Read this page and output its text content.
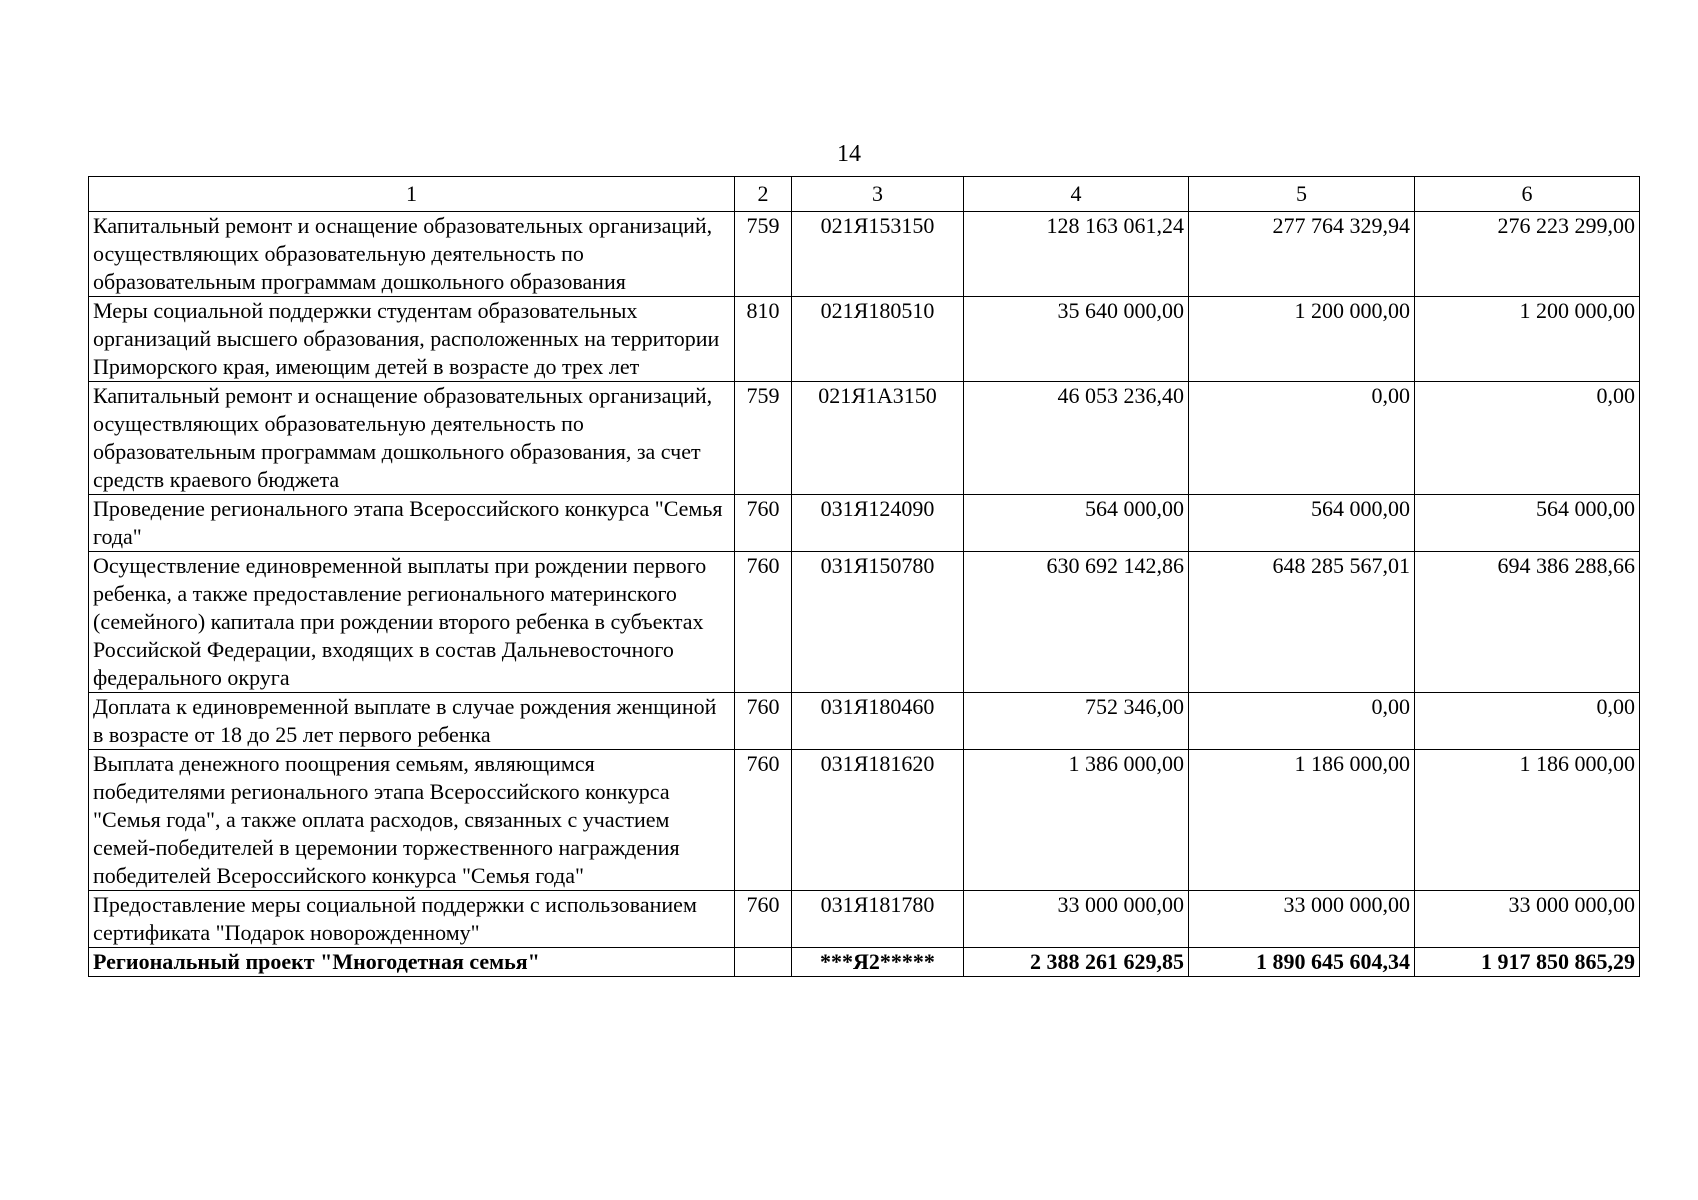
14
1	2	3	4	5	6
Капитальный ремонт и оснащение образовательных организаций, осуществляющих образовательную деятельность по образовательным программам дошкольного образования	759	021Я153150	128 163 061,24	277 764 329,94	276 223 299,00
Меры социальной поддержки студентам образовательных организаций высшего образования, расположенных на территории Приморского края, имеющим детей в возрасте до трех лет	810	021Я180510	35 640 000,00	1 200 000,00	1 200 000,00
Капитальный ремонт и оснащение образовательных организаций, осуществляющих образовательную деятельность по образовательным программам дошкольного образования, за счет средств краевого бюджета	759	021Я1А3150	46 053 236,40	0,00	0,00
Проведение регионального этапа Всероссийского конкурса "Семья года"	760	031Я124090	564 000,00	564 000,00	564 000,00
Осуществление единовременной выплаты при рождении первого ребенка, а также предоставление регионального материнского (семейного) капитала при рождении второго ребенка в субъектах Российской Федерации, входящих в состав Дальневосточного федерального округа	760	031Я150780	630 692 142,86	648 285 567,01	694 386 288,66
Доплата к единовременной выплате в случае рождения женщиной в возрасте от 18 до 25 лет первого ребенка	760	031Я180460	752 346,00	0,00	0,00
Выплата денежного поощрения семьям, являющимся победителями регионального этапа Всероссийского конкурса "Семья года", а также оплата расходов, связанных с участием семей-победителей в церемонии торжественного награждения победителей Всероссийского конкурса "Семья года"	760	031Я181620	1 386 000,00	1 186 000,00	1 186 000,00
Предоставление меры социальной поддержки с использованием сертификата "Подарок новорожденному"	760	031Я181780	33 000 000,00	33 000 000,00	33 000 000,00
Региональный проект "Многодетная семья"		***Я2*****	2 388 261 629,85	1 890 645 604,34	1 917 850 865,29
